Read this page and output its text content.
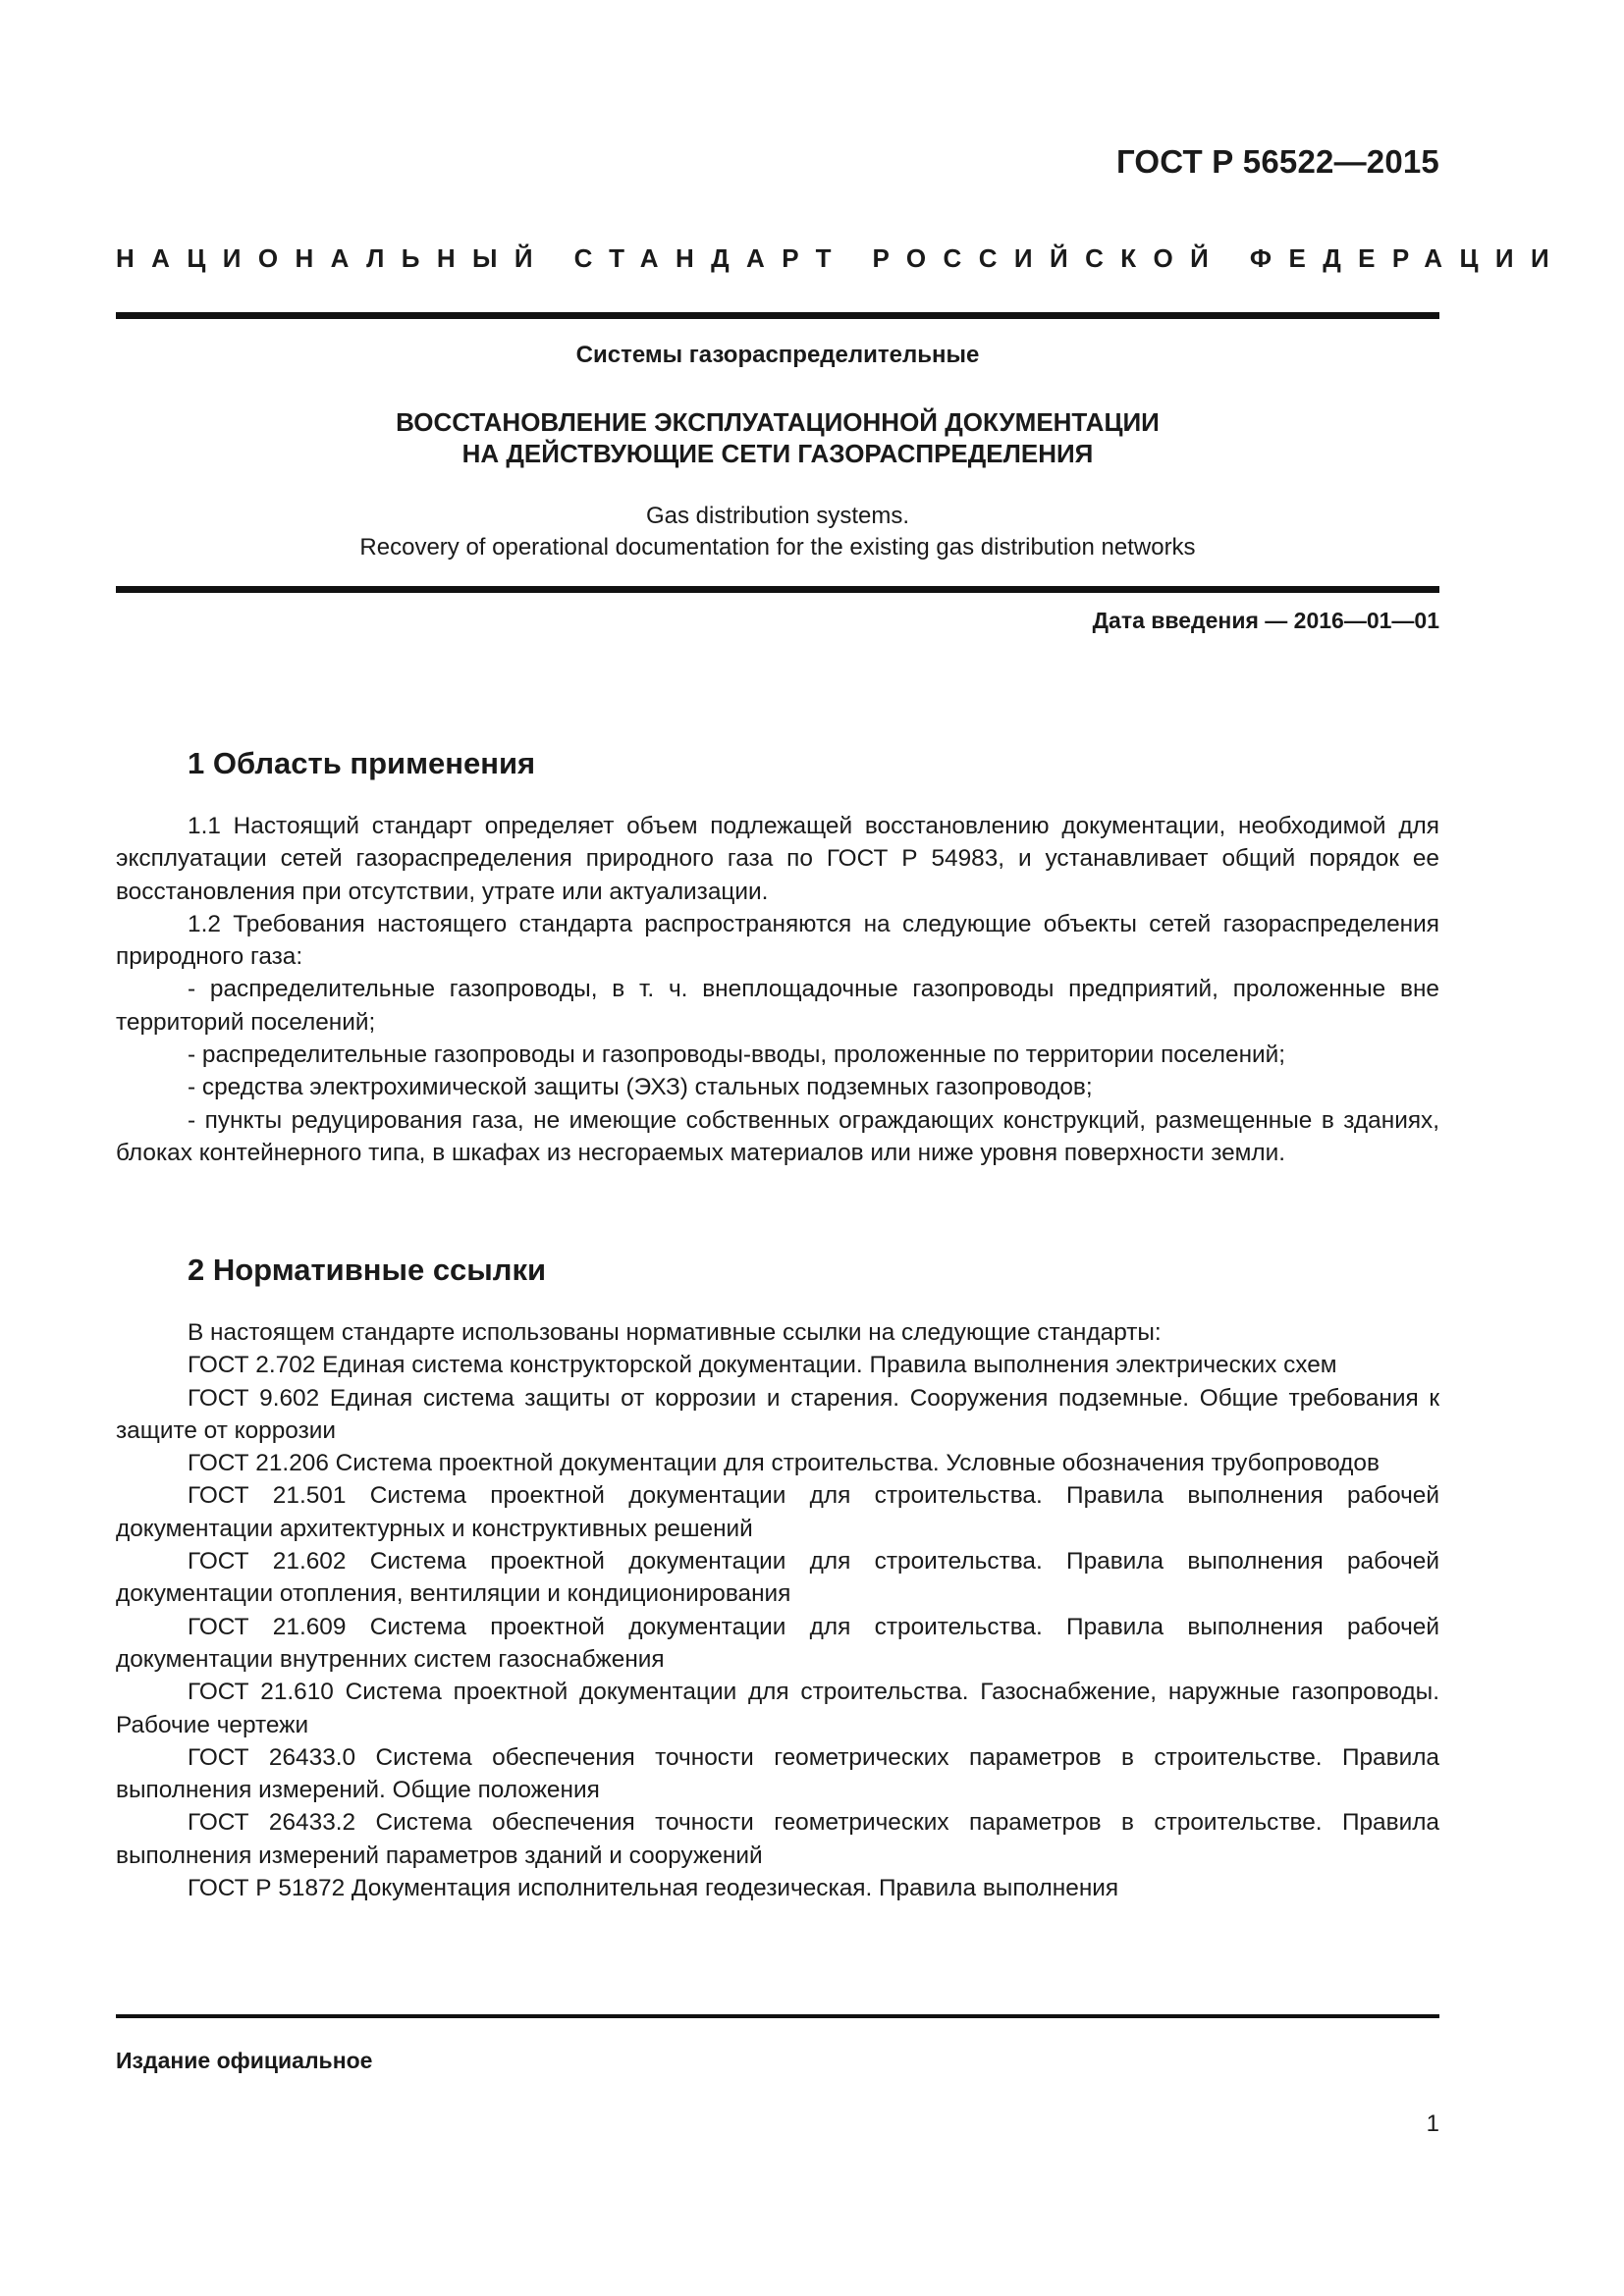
ГОСТ Р 56522—2015

НАЦИОНАЛЬНЫЙ СТАНДАРТ РОССИЙСКОЙ ФЕДЕРАЦИИ

Системы газораспределительные

ВОССТАНОВЛЕНИЕ ЭКСПЛУАТАЦИОННОЙ ДОКУМЕНТАЦИИ
НА ДЕЙСТВУЮЩИЕ СЕТИ ГАЗОРАСПРЕДЕЛЕНИЯ
Gas distribution systems.
Recovery of operational documentation for the existing gas distribution networks

Дата введения — 2016—01—01

1 Область применения

1.1 Настоящий стандарт определяет объем подлежащей восстановлению документации, необходимой для эксплуатации сетей газораспределения природного газа по ГОСТ Р 54983, и устанавливает общий порядок ее восстановления при отсутствии, утрате или актуализации.

1.2 Требования настоящего стандарта распространяются на следующие объекты сетей газораспределения природного газа:

- распределительные газопроводы, в т. ч. внеплощадочные газопроводы предприятий, проложенные вне территорий поселений;

- распределительные газопроводы и газопроводы-вводы, проложенные по территории поселений;

- средства электрохимической защиты (ЭХЗ) стальных подземных газопроводов;

- пункты редуцирования газа, не имеющие собственных ограждающих конструкций, размещенные в зданиях, блоках контейнерного типа, в шкафах из несгораемых материалов или ниже уровня поверхности земли.

2 Нормативные ссылки

В настоящем стандарте использованы нормативные ссылки на следующие стандарты:

ГОСТ 2.702 Единая система конструкторской документации. Правила выполнения электрических схем

ГОСТ 9.602 Единая система защиты от коррозии и старения. Сооружения подземные. Общие требования к защите от коррозии

ГОСТ 21.206 Система проектной документации для строительства. Условные обозначения трубопроводов

ГОСТ 21.501 Система проектной документации для строительства. Правила выполнения рабочей документации архитектурных и конструктивных решений

ГОСТ 21.602 Система проектной документации для строительства. Правила выполнения рабочей документации отопления, вентиляции и кондиционирования

ГОСТ 21.609 Система проектной документации для строительства. Правила выполнения рабочей документации внутренних систем газоснабжения

ГОСТ 21.610 Система проектной документации для строительства. Газоснабжение, наружные газопроводы. Рабочие чертежи

ГОСТ 26433.0 Система обеспечения точности геометрических параметров в строительстве. Правила выполнения измерений. Общие положения

ГОСТ 26433.2 Система обеспечения точности геометрических параметров в строительстве. Правила выполнения измерений параметров зданий и сооружений

ГОСТ Р 51872 Документация исполнительная геодезическая. Правила выполнения

Издание официальное

1
